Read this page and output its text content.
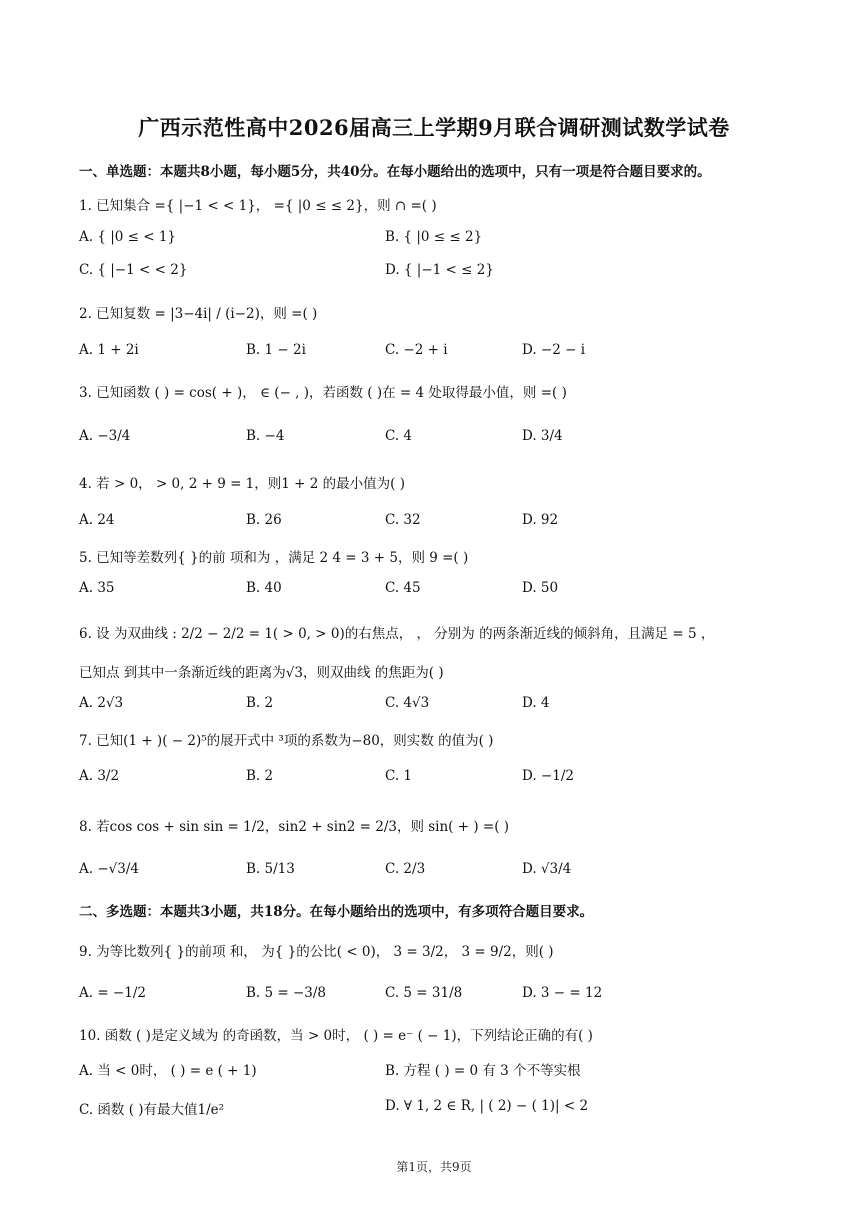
广西示范性高中2026届高三上学期9月联合调研测试数学试卷
一、单选题：本题共8小题，每小题5分，共40分。在每小题给出的选项中，只有一项是符合题目要求的。
1. 已知集合 ={ |−1 < < 1}， ={ |0 ≤ ≤ 2}，则 ∩ =( )
A. { |0 ≤ < 1}	B. { |0 ≤ ≤ 2}
C. { |−1 < < 2}	D. { |−1 < ≤ 2}
2. 已知复数 = |3−4i| / (i−2)，则 =( )
A. 1 + 2i	B. 1 − 2i	C. −2 + i	D. −2 − i
3. 已知函数 ( ) = cos( + )， ∈ (− , )，若函数 ( )在 = 4 处取得最小值，则 =( )
A. −3/4	B. −4	C. 4	D. 3/4
4. 若 > 0， > 0, 2 + 9 = 1，则1 + 2 的最小值为( )
A. 24	B. 26	C. 32	D. 92
5. 已知等差数列{ }的前 项和为 ，满足 2 4 = 3 + 5，则 9 =( )
A. 35	B. 40	C. 45	D. 50
6. 设 为双曲线 : 2/2 − 2/2 = 1( > 0, > 0)的右焦点， ， 分别为 的两条渐近线的倾斜角，且满足 = 5 ，
已知点 到其中一条渐近线的距离为√3，则双曲线 的焦距为( )
A. 2√3	B. 2	C. 4√3	D. 4
7. 已知(1 + )( − 2)⁵的展开式中 ³项的系数为−80，则实数 的值为( )
A. 3/2	B. 2	C. 1	D. −1/2
8. 若cos cos + sin sin = 1/2，sin2 + sin2 = 2/3，则 sin( + ) =( )
A. −√3/4	B. 5/13	C. 2/3	D. √3/4
二、多选题：本题共3小题，共18分。在每小题给出的选项中，有多项符合题目要求。
9. 为等比数列{ }的前项 和， 为{ }的公比( < 0)， 3 = 3/2， 3 = 9/2，则( )
A. = −1/2	B. 5 = −3/8	C. 5 = 31/8	D. 3 − = 12
10. 函数 ( )是定义域为 的奇函数，当 > 0时， ( ) = e⁻ ( − 1)，下列结论正确的有( )
A. 当 < 0时， ( ) = e ( + 1)	B. 方程 ( ) = 0 有 3 个不等实根
C. 函数 ( )有最大值1/e²	D. ∀ 1, 2 ∈ R, | ( 2) − ( 1)| < 2
第1页，共9页
